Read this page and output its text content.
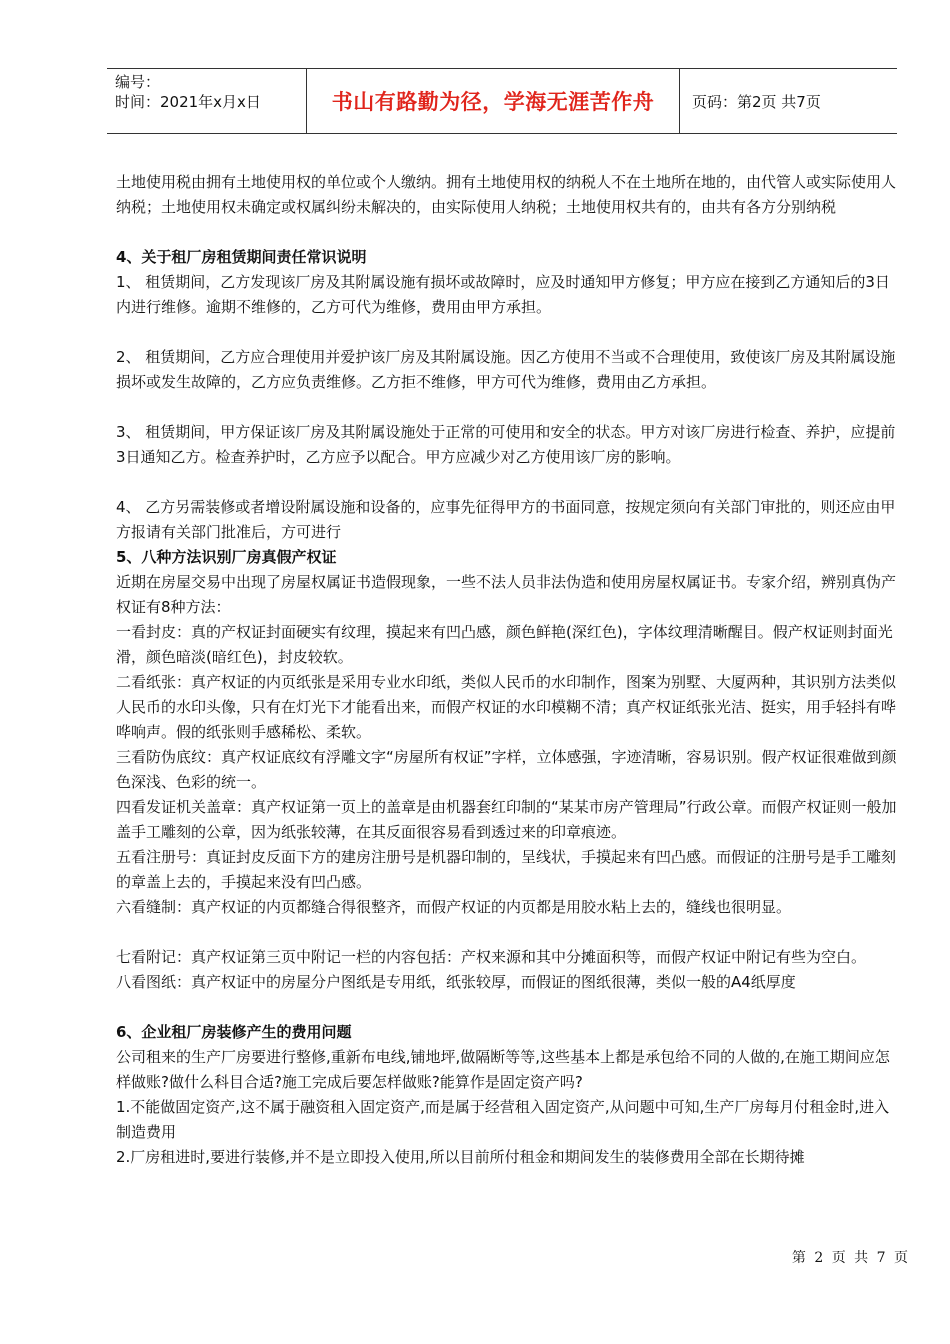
编号：
时间：2021年x月x日	书山有路勤为径，学海无涯苦作舟	页码：第2页 共7页

土地使用税由拥有土地使用权的单位或个人缴纳。拥有土地使用权的纳税人不在土地所在地的，由代管人或实际使用人纳税；土地使用权未确定或权属纠纷未解决的，由实际使用人纳税；土地使用权共有的，由共有各方分别纳税

4、关于租厂房租赁期间责任常识说明

1、 租赁期间，乙方发现该厂房及其附属设施有损坏或故障时，应及时通知甲方修复；甲方应在接到乙方通知后的3日内进行维修。逾期不维修的，乙方可代为维修，费用由甲方承担。

2、 租赁期间，乙方应合理使用并爱护该厂房及其附属设施。因乙方使用不当或不合理使用，致使该厂房及其附属设施损坏或发生故障的，乙方应负责维修。乙方拒不维修，甲方可代为维修，费用由乙方承担。

3、 租赁期间，甲方保证该厂房及其附属设施处于正常的可使用和安全的状态。甲方对该厂房进行检查、养护，应提前3日通知乙方。检查养护时，乙方应予以配合。甲方应减少对乙方使用该厂房的影响。

4、 乙方另需装修或者增设附属设施和设备的，应事先征得甲方的书面同意，按规定须向有关部门审批的，则还应由甲方报请有关部门批准后，方可进行

5、八种方法识别厂房真假产权证

近期在房屋交易中出现了房屋权属证书造假现象，一些不法人员非法伪造和使用房屋权属证书。专家介绍，辨别真伪产权证有8种方法：

一看封皮：真的产权证封面硬实有纹理，摸起来有凹凸感，颜色鲜艳(深红色)，字体纹理清晰醒目。假产权证则封面光滑，颜色暗淡(暗红色)，封皮较软。

二看纸张：真产权证的内页纸张是采用专业水印纸，类似人民币的水印制作，图案为别墅、大厦两种，其识别方法类似人民币的水印头像，只有在灯光下才能看出来，而假产权证的水印模糊不清；真产权证纸张光洁、挺实，用手轻抖有哗哗响声。假的纸张则手感稀松、柔软。

三看防伪底纹：真产权证底纹有浮雕文字“房屋所有权证”字样，立体感强，字迹清晰，容易识别。假产权证很难做到颜色深浅、色彩的统一。

四看发证机关盖章：真产权证第一页上的盖章是由机器套红印制的“某某市房产管理局”行政公章。而假产权证则一般加盖手工雕刻的公章，因为纸张较薄，在其反面很容易看到透过来的印章痕迹。

五看注册号：真证封皮反面下方的建房注册号是机器印制的，呈线状，手摸起来有凹凸感。而假证的注册号是手工雕刻的章盖上去的，手摸起来没有凹凸感。

六看缝制：真产权证的内页都缝合得很整齐，而假产权证的内页都是用胶水粘上去的，缝线也很明显。

七看附记：真产权证第三页中附记一栏的内容包括：产权来源和其中分摊面积等，而假产权证中附记有些为空白。

八看图纸：真产权证中的房屋分户图纸是专用纸，纸张较厚，而假证的图纸很薄，类似一般的A4纸厚度

6、企业租厂房装修产生的费用问题

公司租来的生产厂房要进行整修,重新布电线,铺地坪,做隔断等等,这些基本上都是承包给不同的人做的,在施工期间应怎样做账?做什么科目合适?施工完成后要怎样做账?能算作是固定资产吗?

1.不能做固定资产,这不属于融资租入固定资产,而是属于经营租入固定资产,从问题中可知,生产厂房每月付租金时,进入制造费用

2.厂房租进时,要进行装修,并不是立即投入使用,所以目前所付租金和期间发生的装修费用全部在长期待摊

第 2 页 共 7 页
